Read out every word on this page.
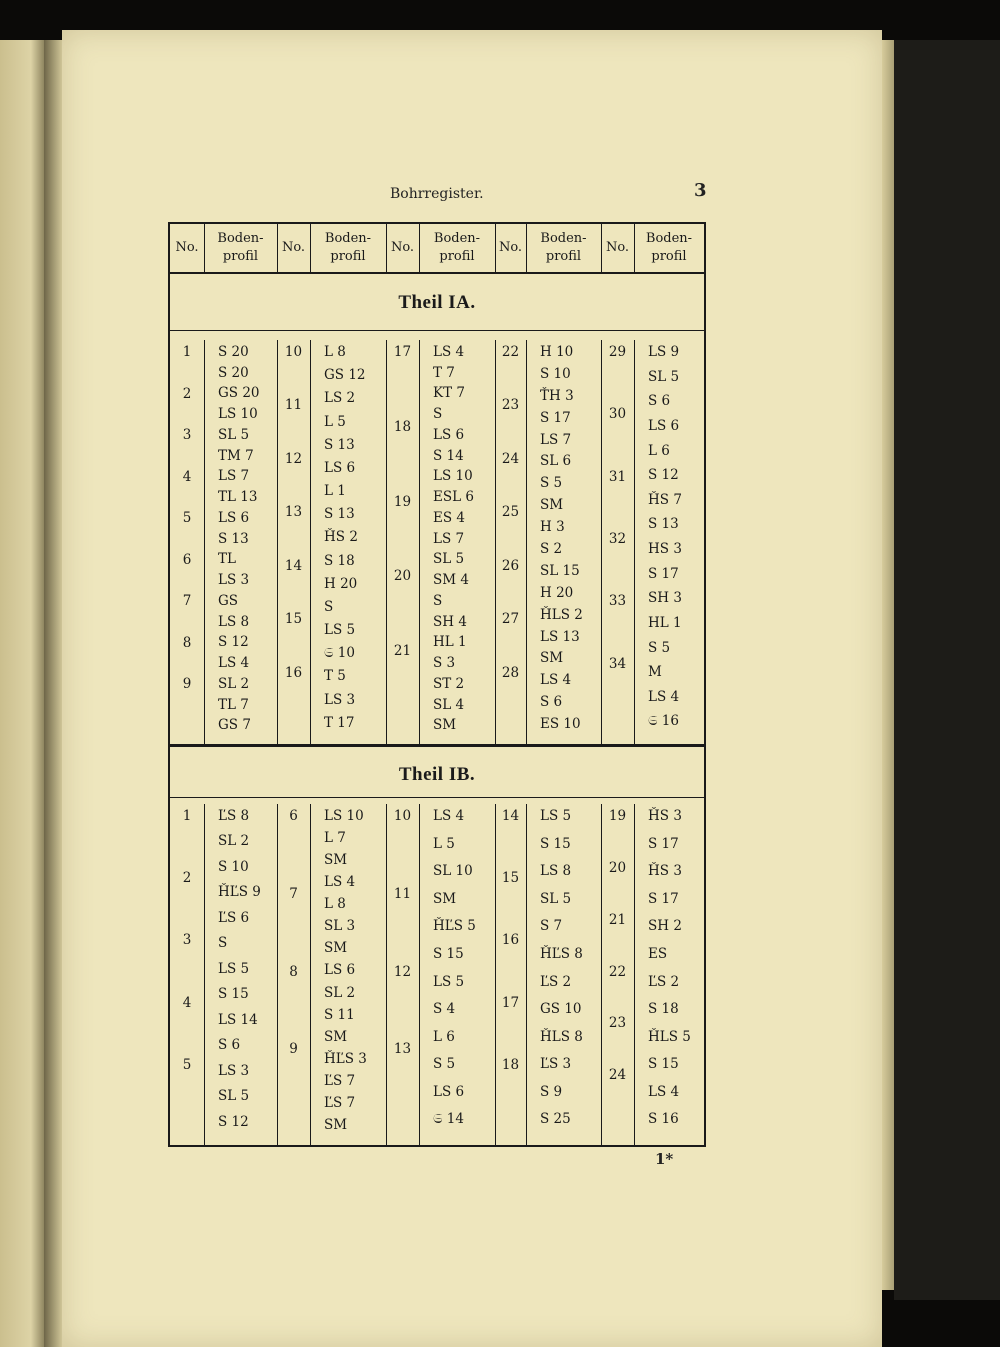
Bohrregister.	3
1*
No.
Boden-
profil
No.
Boden-
profil
No.
Boden-
profil
No.
Boden-
profil
No.
Boden-
profil
Theil IA.
Theil IB.
1
2
3
4
5
6
7
8
9
S 20
S 20
GS 20
LS 10
SL 5
TM 7
LS 7
TL 13
LS 6
S 13
TL
LS 3
GS
LS 8
S 12
LS 4
SL 2
TL 7
GS 7
10
11
12
13
14
15
16
L 8
GS 12
LS 2
L 5
S 13
LS 6
L 1
S 13
ȞS 2
S 18
H 20
S
LS 5
𝔖 10
T 5
LS 3
T 17
17
18
19
20
21
LS 4
T 7
KT 7
S
LS 6
S 14
LS 10
ESL 6
ES 4
LS 7
SL 5
SM 4
S
SH 4
HL 1
S 3
ST 2
SL 4
SM
22
23
24
25
26
27
28
H 10
S 10
ŤH 3
S 17
LS 7
SL 6
S 5
SM
H 3
S 2
SL 15
H 20
ȞLS 2
LS 13
SM
LS 4
S 6
ES 10
29
30
31
32
33
34
LS 9
SL 5
S 6
LS 6
L 6
S 12
ȞS 7
S 13
HS 3
S 17
SH 3
HL 1
S 5
M
LS 4
𝔖 16
1
2
3
4
5
ĽS 8
SL 2
S 10
ȞĽS 9
ĽS 6
S
LS 5
S 15
LS 14
S 6
LS 3
SL 5
S 12
6
7
8
9
LS 10
L 7
SM
LS 4
L 8
SL 3
SM
LS 6
SL 2
S 11
SM
ȞĽS 3
ĽS 7
ĽS 7
SM
10
11
12
13
LS 4
L 5
SL 10
SM
ȞĽS 5
S 15
LS 5
S 4
L 6
S 5
LS 6
𝔖 14
14
15
16
17
18
LS 5
S 15
LS 8
SL 5
S 7
ȞĽS 8
ĽS 2
GS 10
ȞLS 8
ĽS 3
S 9
S 25
19
20
21
22
23
24
ȞS 3
S 17
ȞS 3
S 17
SH 2
ES
ĽS 2
S 18
ȞLS 5
S 15
LS 4
S 16
